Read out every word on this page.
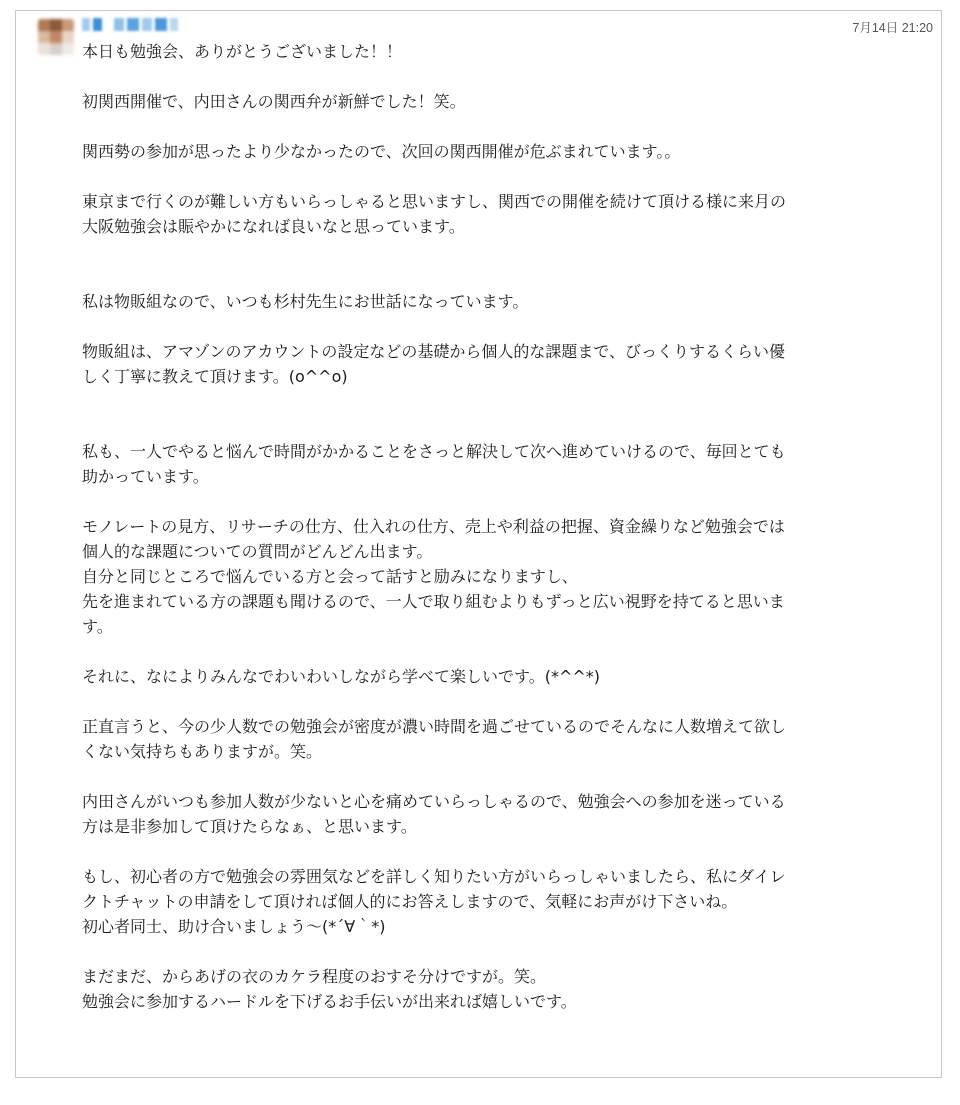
7月14日 21:20
本日も勉強会、ありがとうございました！！
初関西開催で、内田さんの関西弁が新鮮でした！笑。
関西勢の参加が思ったより少なかったので、次回の関西開催が危ぶまれています。。
東京まで行くのが難しい方もいらっしゃると思いますし、関西での開催を続けて頂ける様に来月の
大阪勉強会は賑やかになれば良いなと思っています。
私は物販組なので、いつも杉村先生にお世話になっています。
物販組は、アマゾンのアカウントの設定などの基礎から個人的な課題まで、びっくりするくらい優
しく丁寧に教えて頂けます。(o^^o)
私も、一人でやると悩んで時間がかかることをさっと解決して次へ進めていけるので、毎回とても
助かっています。
モノレートの見方、リサーチの仕方、仕入れの仕方、売上や利益の把握、資金繰りなど勉強会では
個人的な課題についての質問がどんどん出ます。
自分と同じところで悩んでいる方と会って話すと励みになりますし、
先を進まれている方の課題も聞けるので、一人で取り組むよりもずっと広い視野を持てると思いま
す。
それに、なによりみんなでわいわいしながら学べて楽しいです。(*^^*)
正直言うと、今の少人数での勉強会が密度が濃い時間を過ごせているのでそんなに人数増えて欲し
くない気持ちもありますが。笑。
内田さんがいつも参加人数が少ないと心を痛めていらっしゃるので、勉強会への参加を迷っている
方は是非参加して頂けたらなぁ、と思います。
もし、初心者の方で勉強会の雰囲気などを詳しく知りたい方がいらっしゃいましたら、私にダイレ
クトチャットの申請をして頂ければ個人的にお答えしますので、気軽にお声がけ下さいね。
初心者同士、助け合いましょう〜(*´∀｀*)
まだまだ、からあげの衣のカケラ程度のおすそ分けですが。笑。
勉強会に参加するハードルを下げるお手伝いが出来れば嬉しいです。
